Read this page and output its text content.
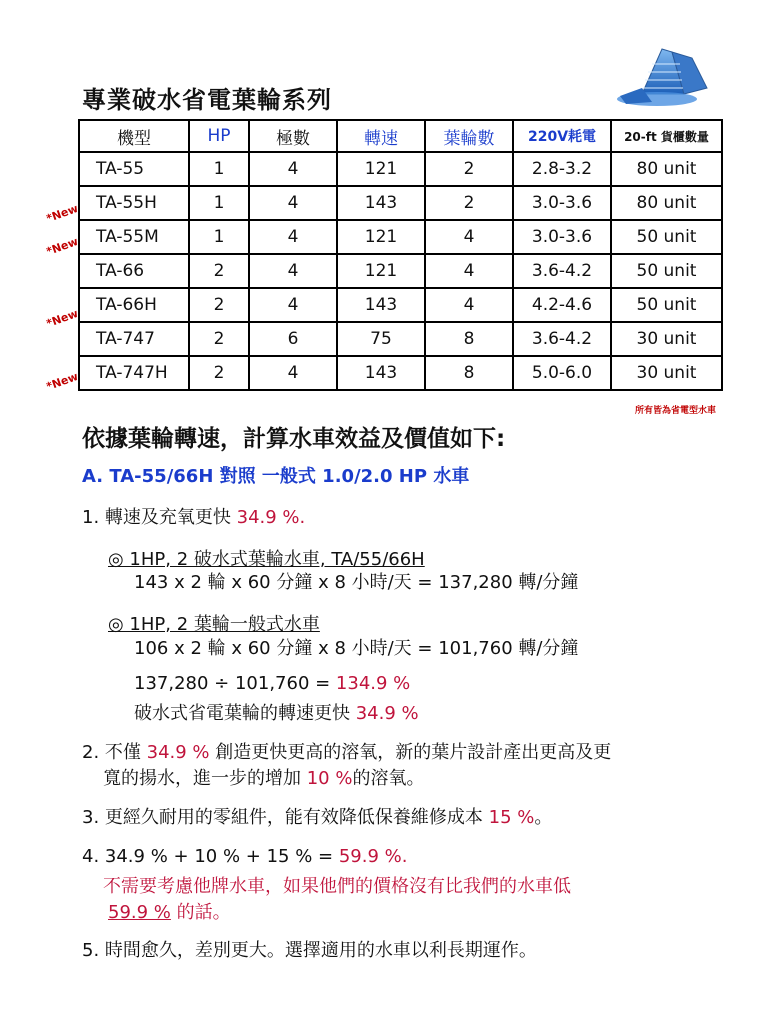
專業破水省電葉輪系列
機型	HP	極數	轉速	葉輪數	220V耗電	20-ft 貨櫃數量
TA-55	1	4	121	2	2.8-3.2	80 unit
TA-55H	1	4	143	2	3.0-3.6	80 unit
TA-55M	1	4	121	4	3.0-3.6	50 unit
TA-66	2	4	121	4	3.6-4.2	50 unit
TA-66H	2	4	143	4	4.2-4.6	50 unit
TA-747	2	6	75	8	3.6-4.2	30 unit
TA-747H	2	4	143	8	5.0-6.0	30 unit
*New
*New
*New
*New
所有皆為省電型水車
依據葉輪轉速，計算水車效益及價值如下:
A. TA-55/66H 對照 一般式 1.0/2.0 HP 水車
1. 轉速及充氧更快 34.9 %.
◎ 1HP, 2 破水式葉輪水車, TA/55/66H
143 x 2 輪 x 60 分鐘 x 8 小時/天 = 137,280 轉/分鐘
◎ 1HP, 2 葉輪一般式水車
106 x 2 輪 x 60 分鐘 x 8 小時/天 = 101,760 轉/分鐘
137,280 ÷ 101,760 = 134.9 %
破水式省電葉輪的轉速更快 34.9 %
2. 不僅 34.9 % 創造更快更高的溶氧，新的葉片設計產出更高及更
寬的揚水，進一步的增加 10 %的溶氧。
3. 更經久耐用的零組件，能有效降低保養維修成本 15 %。
4. 34.9 % + 10 % + 15 % = 59.9 %.
不需要考慮他牌水車，如果他們的價格沒有比我們的水車低
59.9 % 的話。
5. 時間愈久，差別更大。選擇適用的水車以利長期運作。
